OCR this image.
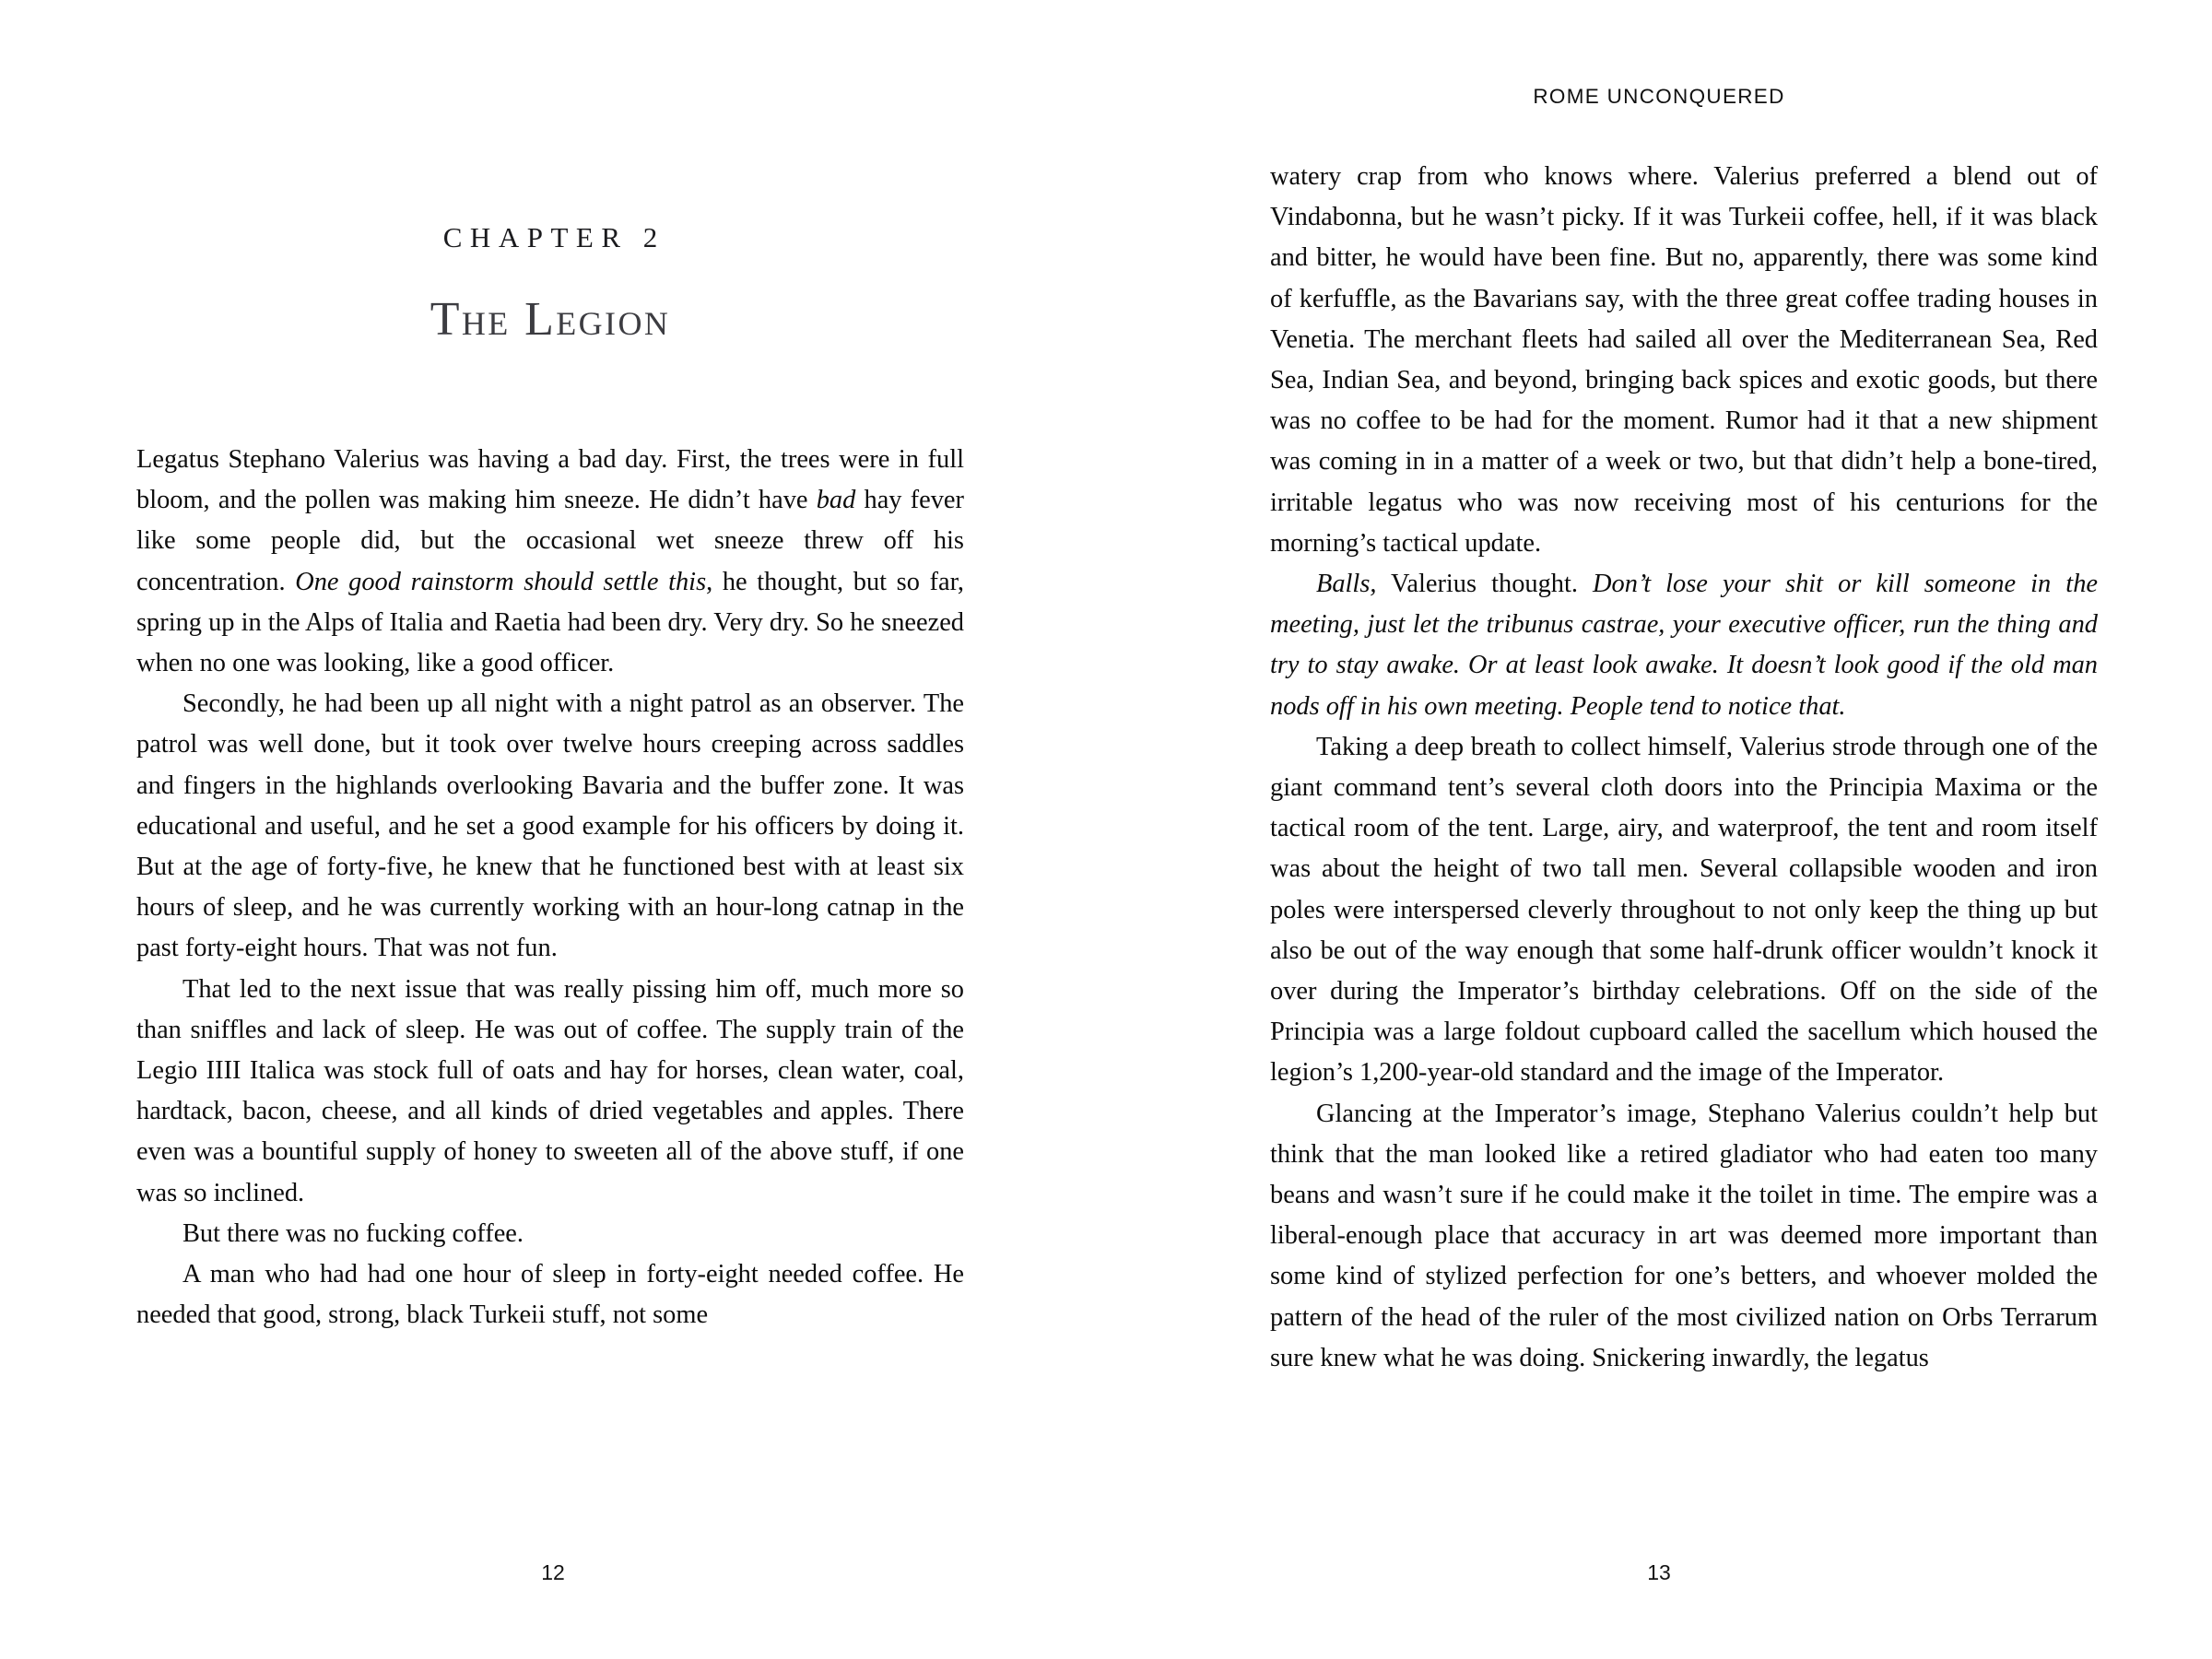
CHAPTER 2
The Legion

Legatus Stephano Valerius was having a bad day. First, the trees were in full bloom, and the pollen was making him sneeze. He didn’t have bad hay fever like some people did, but the occasional wet sneeze threw off his concentration. One good rainstorm should settle this, he thought, but so far, spring up in the Alps of Italia and Raetia had been dry. Very dry. So he sneezed when no one was looking, like a good officer.

Secondly, he had been up all night with a night patrol as an observer. The patrol was well done, but it took over twelve hours creeping across saddles and fingers in the highlands overlooking Bavaria and the buffer zone. It was educational and useful, and he set a good example for his officers by doing it. But at the age of forty-five, he knew that he functioned best with at least six hours of sleep, and he was currently working with an hour-long catnap in the past forty-eight hours. That was not fun.

That led to the next issue that was really pissing him off, much more so than sniffles and lack of sleep. He was out of coffee. The supply train of the Legio IIII Italica was stock full of oats and hay for horses, clean water, coal, hardtack, bacon, cheese, and all kinds of dried vegetables and apples. There even was a bountiful supply of honey to sweeten all of the above stuff, if one was so inclined.

But there was no fucking coffee.

A man who had had one hour of sleep in forty-eight needed coffee. He needed that good, strong, black Turkeii stuff, not some

12
ROME UNCONQUERED

watery crap from who knows where. Valerius preferred a blend out of Vindabonna, but he wasn’t picky. If it was Turkeii coffee, hell, if it was black and bitter, he would have been fine. But no, apparently, there was some kind of kerfuffle, as the Bavarians say, with the three great coffee trading houses in Venetia. The merchant fleets had sailed all over the Mediterranean Sea, Red Sea, Indian Sea, and beyond, bringing back spices and exotic goods, but there was no coffee to be had for the moment. Rumor had it that a new shipment was coming in in a matter of a week or two, but that didn’t help a bone-tired, irritable legatus who was now receiving most of his centurions for the morning’s tactical update.

Balls, Valerius thought. Don’t lose your shit or kill someone in the meeting, just let the tribunus castrae, your executive officer, run the thing and try to stay awake. Or at least look awake. It doesn’t look good if the old man nods off in his own meeting. People tend to notice that.

Taking a deep breath to collect himself, Valerius strode through one of the giant command tent’s several cloth doors into the Principia Maxima or the tactical room of the tent. Large, airy, and waterproof, the tent and room itself was about the height of two tall men. Several collapsible wooden and iron poles were interspersed cleverly throughout to not only keep the thing up but also be out of the way enough that some half-drunk officer wouldn’t knock it over during the Imperator’s birthday celebrations. Off on the side of the Principia was a large foldout cupboard called the sacellum which housed the legion’s 1,200-year-old standard and the image of the Imperator.

Glancing at the Imperator’s image, Stephano Valerius couldn’t help but think that the man looked like a retired gladiator who had eaten too many beans and wasn’t sure if he could make it the toilet in time. The empire was a liberal-enough place that accuracy in art was deemed more important than some kind of stylized perfection for one’s betters, and whoever molded the pattern of the head of the ruler of the most civilized nation on Orbs Terrarum sure knew what he was doing. Snickering inwardly, the legatus

13
